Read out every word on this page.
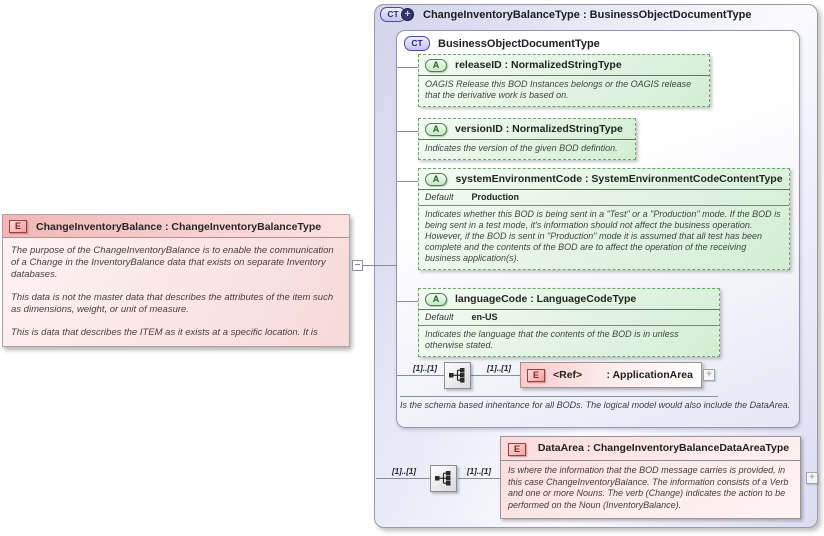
CT +	ChangeInventoryBalanceType : BusinessObjectDocumentType
CT	BusinessObjectDocumentType
A	releaseID : NormalizedStringType
OAGIS Release this BOD Instances belongs or the OAGIS release that the derivative work is based on.
A	versionID : NormalizedStringType
Indicates the version of the given BOD defintion.
A	systemEnvironmentCode : SystemEnvironmentCodeContentType
Default Production
Indicates whether this BOD is being sent in a "Test" or a "Production" mode. If the BOD is being sent in a test mode, it's information should not affect the business operation. However, if the BOD is sent in "Production" mode it is assumed that all test has been complete and the contents of the BOD are to affect the operation of the receiving business application(s).
A	languageCode : LanguageCodeType
Default en-US
Indicates the language that the contents of the BOD is in unless otherwise stated.
[1]..[1]	[1]..[1]
E	<Ref> : ApplicationArea	+
Is the schema based inheritance for all BODs. The logical model would also include the DataArea.
[1]..[1]	[1]..[1]
E	DataArea : ChangeInventoryBalanceDataAreaType
Is where the information that the BOD message carries is provided, in this case ChangeInventoryBalance. The information consists of a Verb and one or more Nouns. The verb (Change) indicates the action to be performed on the Noun (InventoryBalance).
+
E	ChangeInventoryBalance : ChangeInventoryBalanceType

The purpose of the ChangeInventoryBalance is to enable the communication of a Change in the InventoryBalance data that exists on separate Inventory databases.

This data is not the master data that describes the attributes of the item such as dimensions, weight, or unit of measure.

This is data that describes the ITEM as it exists at a specific location. It is

−
